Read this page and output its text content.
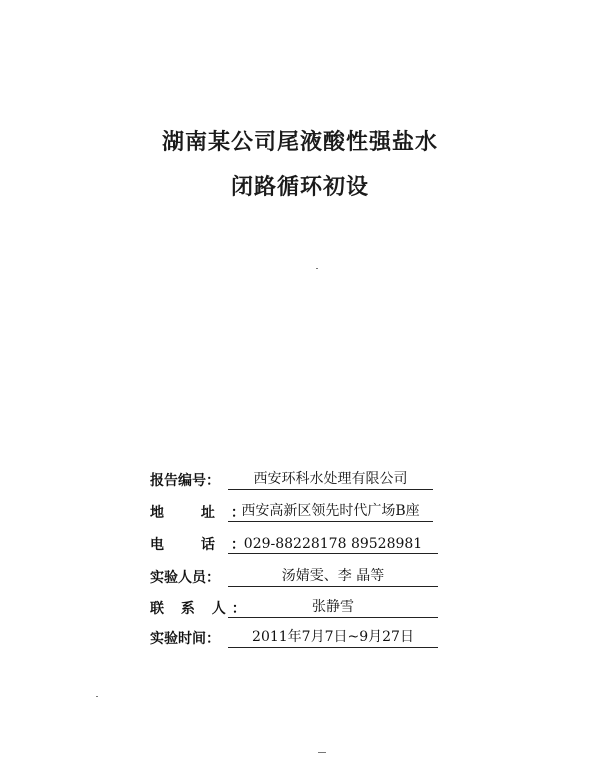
湖南某公司尾液酸性强盐水
闭路循环初设
报告编号：	西安环科水处理有限公司
地 址：
西安高新区领先时代广场B座
电 话：
029-88228178 89528981
实验人员：	汤婧雯、李 晶等
联 系 人：	张静雪
实验时间：	2011年7月7日~9月27日
